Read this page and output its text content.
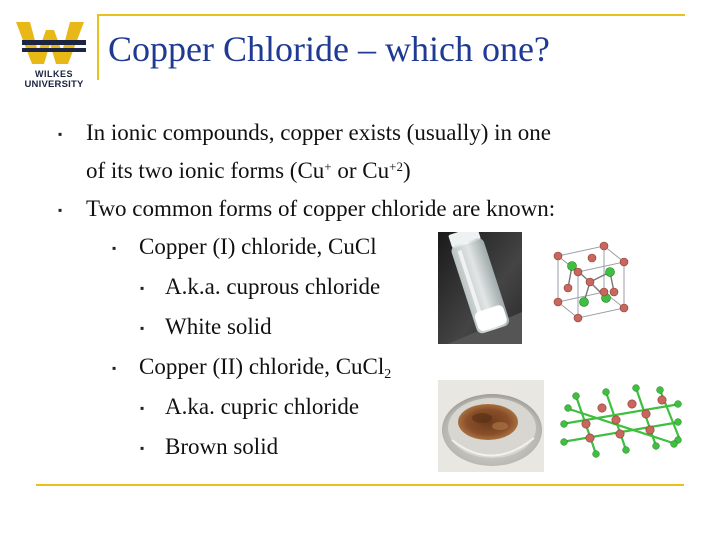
WILKES
UNIVERSITY
Copper Chloride – which one?
▪ In ionic compounds, copper exists (usually) in one
of its two ionic forms (Cu+ or $Cu^{+2}$)
▪ Two common forms of copper chloride are known:
▪ Copper (I) chloride, CuCl
▪ A.k.a. cuprous chloride
▪ White solid
▪ Copper (II) chloride, CuCl$_2$
▪ A.ka. cupric chloride
▪ Brown solid
